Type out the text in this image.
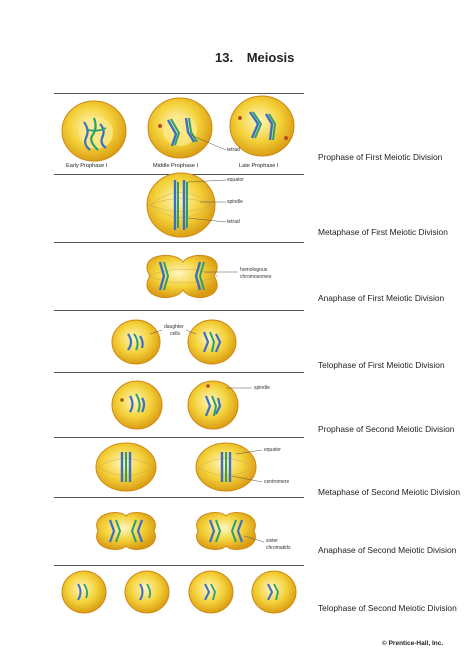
13. Meiosis
Early Prophase I	Middle Prophase I	Late Prophase I
tetrad
equator
spindle
tetrad
homologous
chromosomes
daughter
cells
spindle
equator
centromere
sister
chromatids
Prophase of First Meiotic Division
Metaphase of First Meiotic Division
Anaphase of First Meiotic Division
Telophase of First Meiotic Division
Prophase of Second Meiotic Division
Metaphase of Second Meiotic Division
Anaphase of Second Meiotic Division
Telophase of Second Meiotic Division
© Prentice-Hall, Inc.
